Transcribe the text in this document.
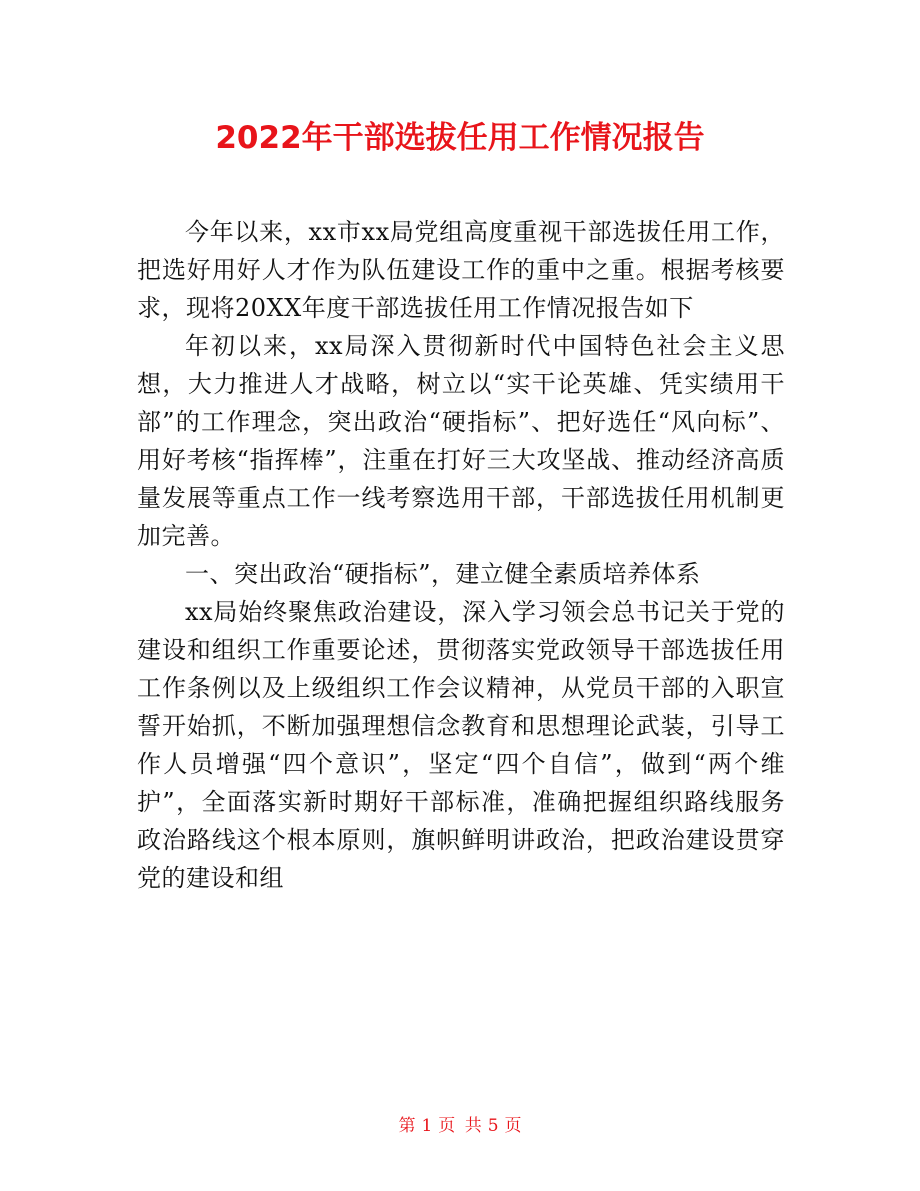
2022年干部选拔任用工作情况报告

今年以来，xx市xx局党组高度重视干部选拔任用工作，把选好用好人才作为队伍建设工作的重中之重。根据考核要求，现将20XX年度干部选拔任用工作情况报告如下

年初以来，xx局深入贯彻新时代中国特色社会主义思想，大力推进人才战略，树立以“实干论英雄、凭实绩用干部”的工作理念，突出政治“硬指标”、把好选任“风向标”、用好考核“指挥棒”，注重在打好三大攻坚战、推动经济高质量发展等重点工作一线考察选用干部，干部选拔任用机制更加完善。

一、突出政治“硬指标”，建立健全素质培养体系

xx局始终聚焦政治建设，深入学习领会总书记关于党的建设和组织工作重要论述，贯彻落实党政领导干部选拔任用工作条例以及上级组织工作会议精神，从党员干部的入职宣誓开始抓，不断加强理想信念教育和思想理论武装，引导工作人员增强“四个意识”，坚定“四个自信”，做到“两个维护”，全面落实新时期好干部标准，准确把握组织路线服务政治路线这个根本原则，旗帜鲜明讲政治，把政治建设贯穿党的建设和组

第 1 页 共 5 页
